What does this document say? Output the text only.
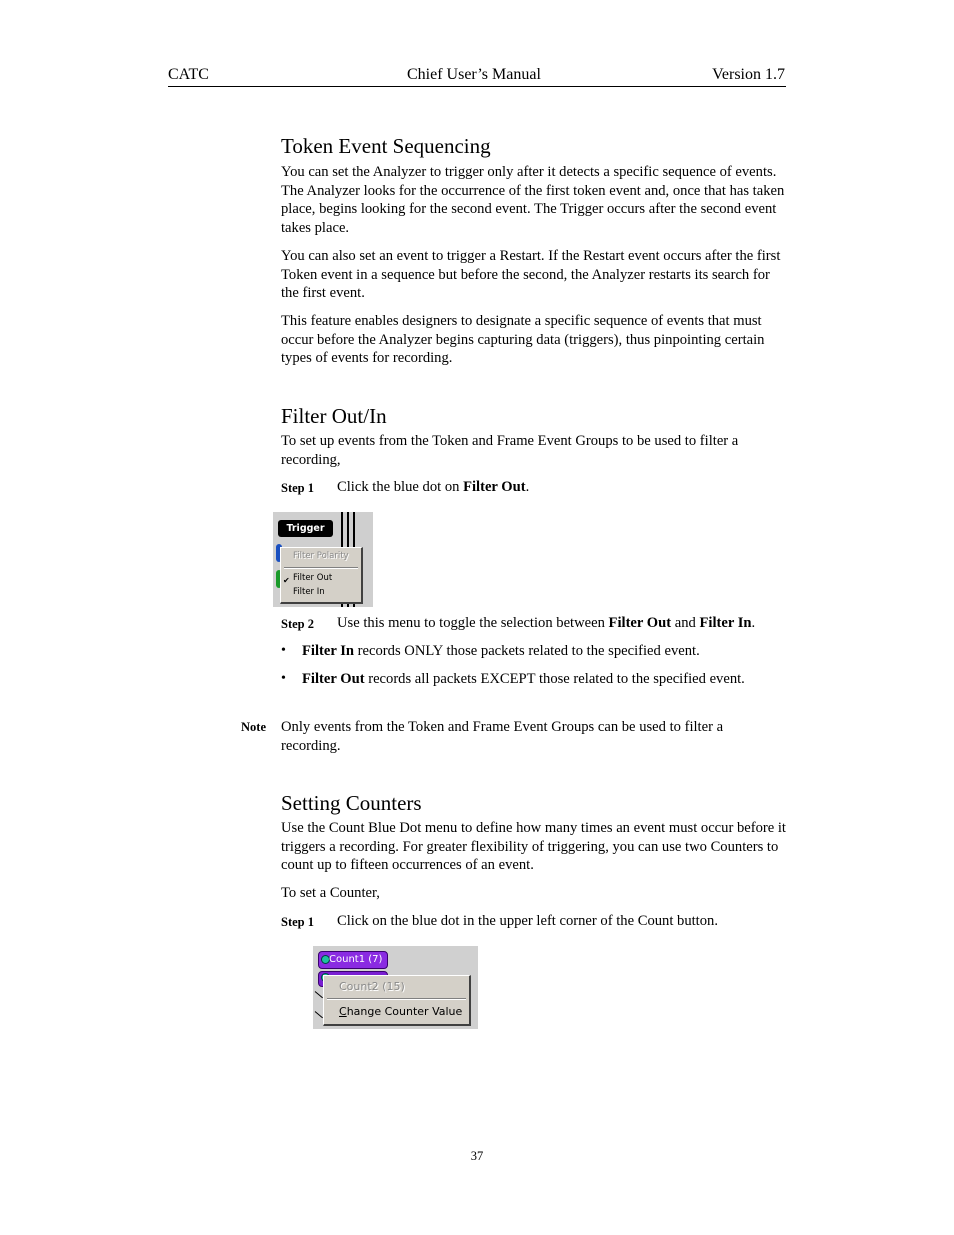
CATC	Chief User’s Manual	Version 1.7
Token Event Sequencing

You can set the Analyzer to trigger only after it detects a specific sequence of events. The Analyzer looks for the occurrence of the first token event and, once that has taken place, begins looking for the second event. The Trigger occurs after the second event takes place.

You can also set an event to trigger a Restart. If the Restart event occurs after the first Token event in a sequence but before the second, the Analyzer restarts its search for the first event.

This feature enables designers to designate a specific sequence of events that must occur before the Analyzer begins capturing data (triggers), thus pinpointing certain types of events for recording.

Filter Out/In

To set up events from the Token and Frame Event Groups to be used to filter a recording,

Step 1 Click the blue dot on Filter Out.
Trigger
Filter Polarity
✔ Filter Out
Filter In
Step 2 Use this menu to toggle the selection between Filter Out and Filter In.
• Filter In records ONLY those packets related to the specified event.
• Filter Out records all packets EXCEPT those related to the specified event.
Note Only events from the Token and Frame Event Groups can be used to filter a
recording.
Setting Counters

Use the Count Blue Dot menu to define how many times an event must occur before it triggers a recording. For greater flexibility of triggering, you can use two Counters to count up to fifteen occurrences of an event.

To set a Counter,

Step 1 Click on the blue dot in the upper left corner of the Count button.
Count1 (7)
Count2 (15)
Change Counter Value
37
